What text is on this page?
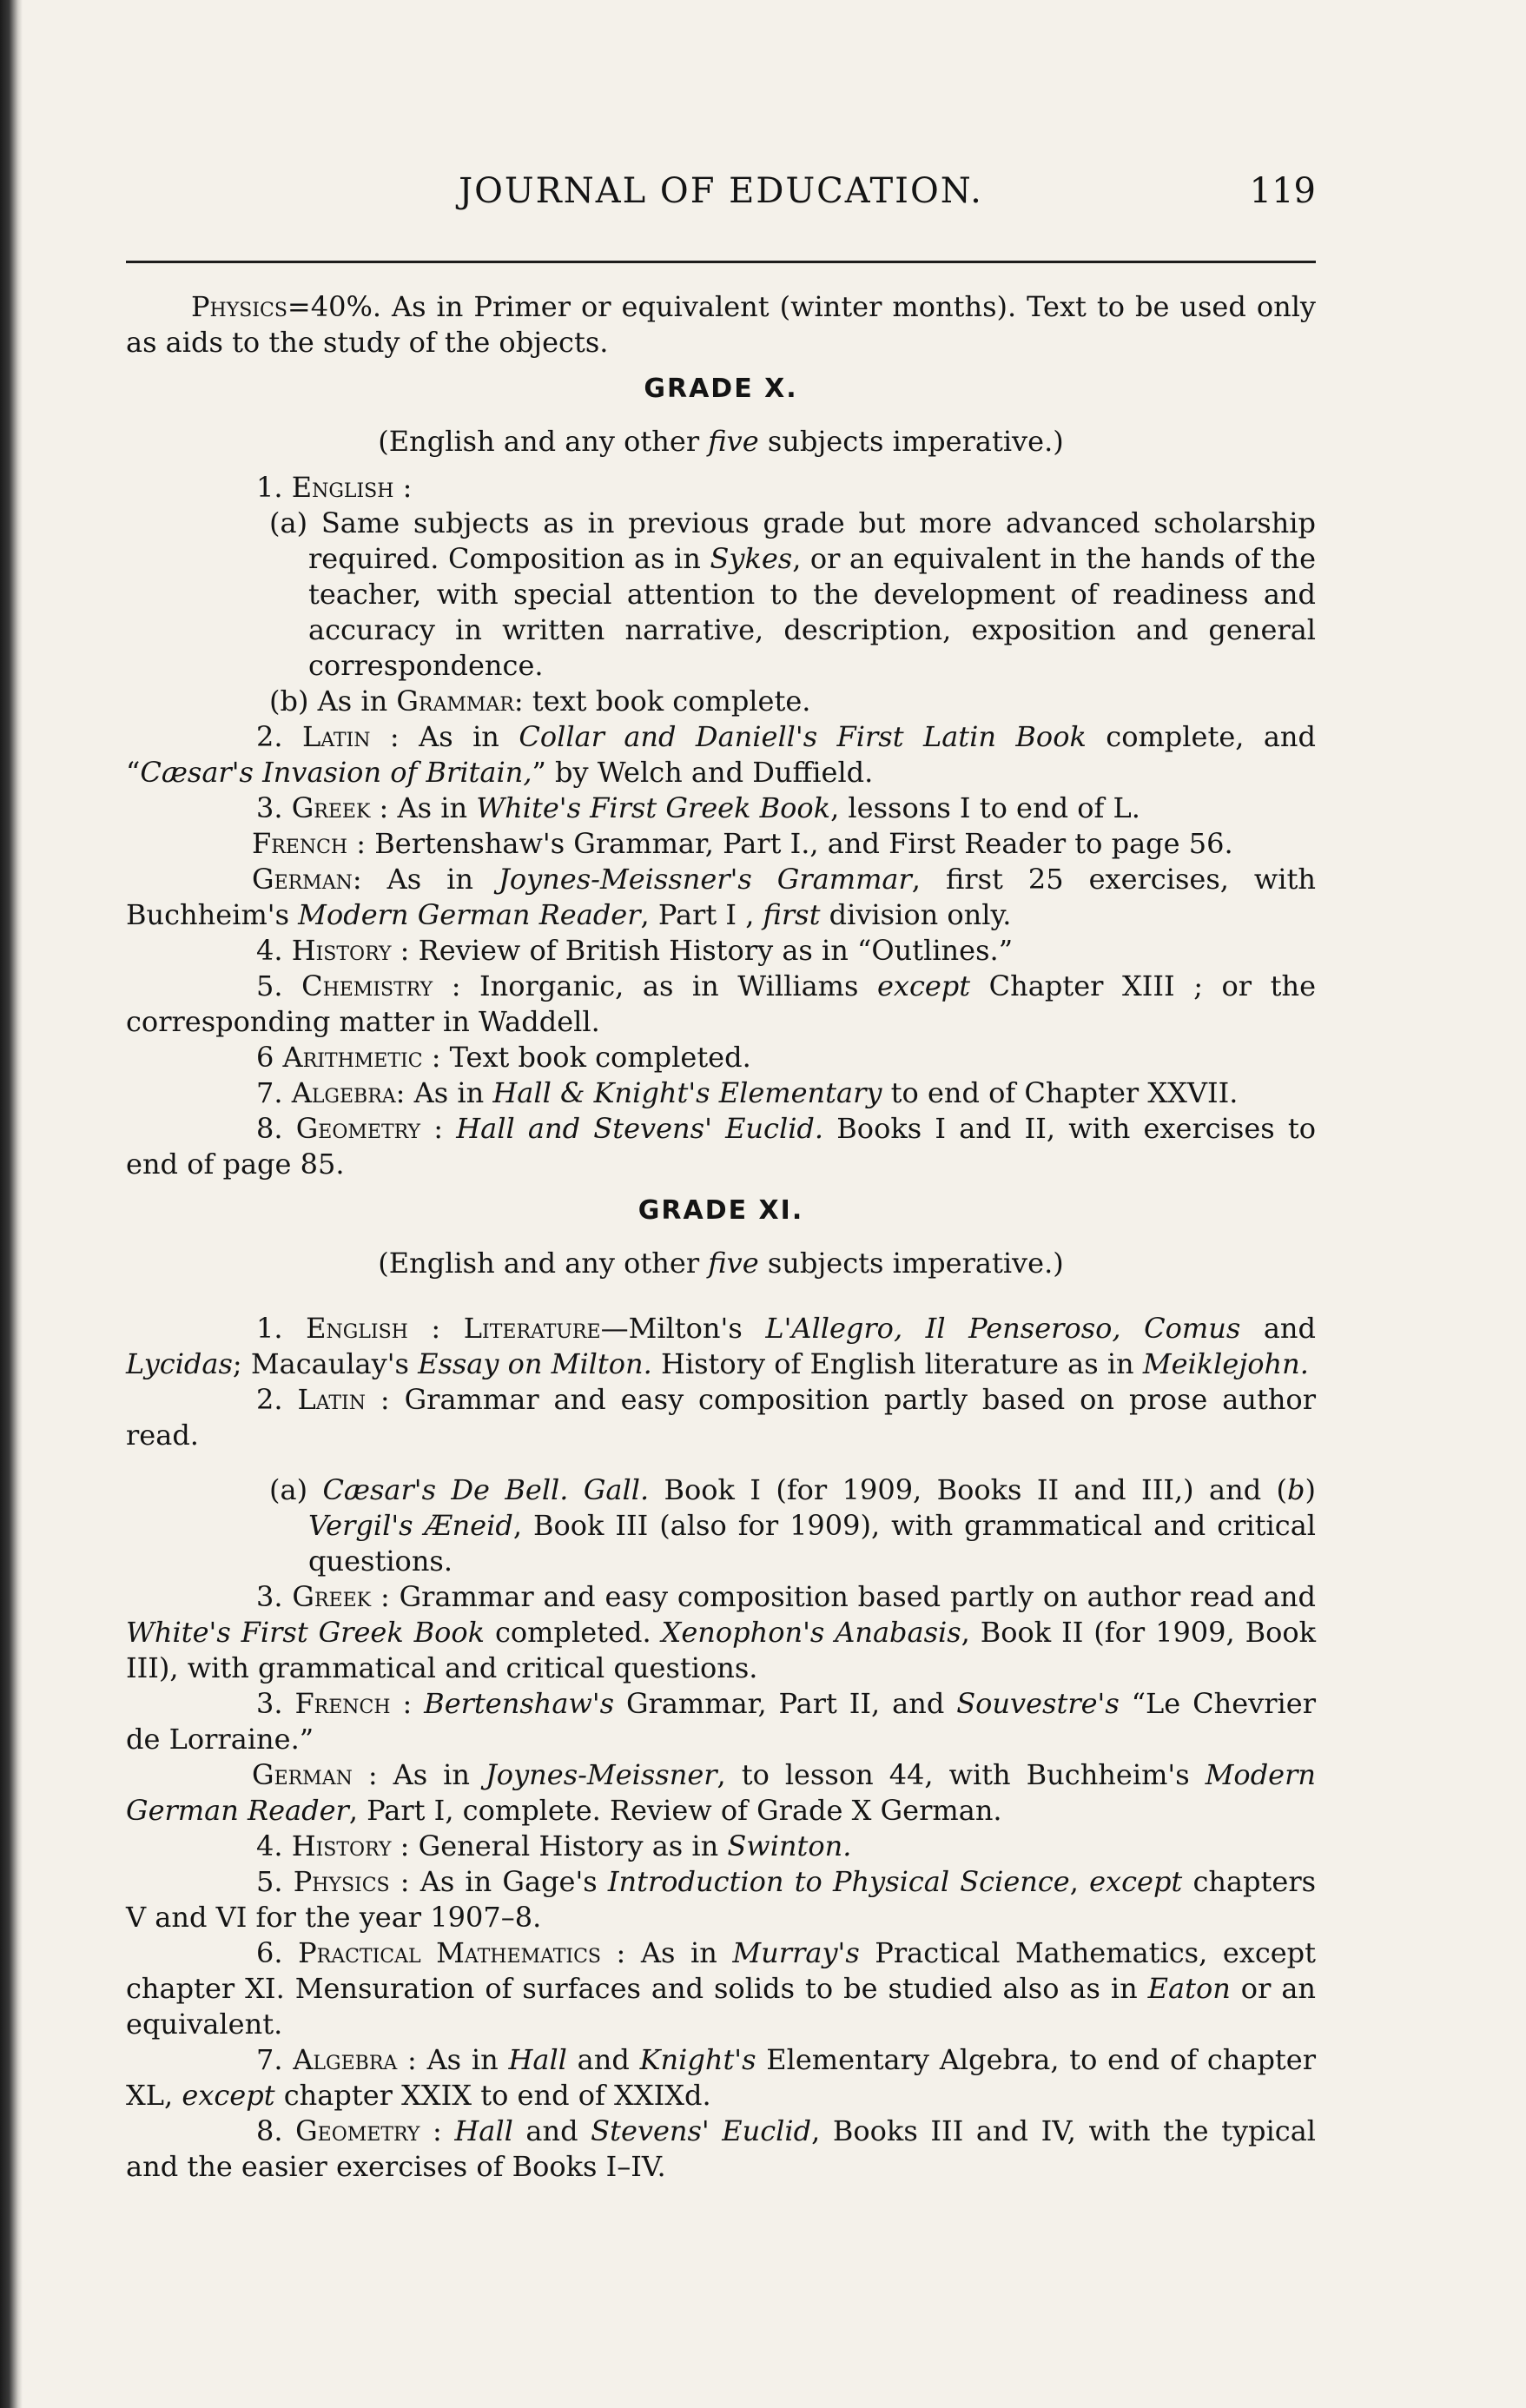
JOURNAL OF EDUCATION.	119

Physics=40%. As in Primer or equivalent (winter months). Text to be used only as aids to the study of the objects.

GRADE X.

(English and any other five subjects imperative.)

1. English :

(a) Same subjects as in previous grade but more advanced scholarship required. Composition as in Sykes, or an equivalent in the hands of the teacher, with special attention to the development of readiness and accuracy in written narrative, description, exposition and general correspondence.

(b) As in Grammar: text book complete.

2. Latin : As in Collar and Daniell's First Latin Book complete, and “Cæsar's Invasion of Britain,” by Welch and Duffield.

3. Greek : As in White's First Greek Book, lessons I to end of L.

French : Bertenshaw's Grammar, Part I., and First Reader to page 56.

German: As in Joynes-Meissner's Grammar, first 25 exercises, with Buchheim's Modern German Reader, Part I , first division only.

4. History : Review of British History as in “Outlines.”

5. Chemistry : Inorganic, as in Williams except Chapter XIII ; or the corresponding matter in Waddell.

6 Arithmetic : Text book completed.

7. Algebra: As in Hall & Knight's Elementary to end of Chapter XXVII.

8. Geometry : Hall and Stevens' Euclid. Books I and II, with exercises to end of page 85.

GRADE XI.

(English and any other five subjects imperative.)

1. English : Literature—Milton's L'Allegro, Il Penseroso, Comus and Lycidas; Macaulay's Essay on Milton. History of English literature as in Meiklejohn.

2. Latin : Grammar and easy composition partly based on prose author read.

(a) Cæsar's De Bell. Gall. Book I (for 1909, Books II and III,) and (b) Vergil's Æneid, Book III (also for 1909), with grammatical and critical questions.

3. Greek : Grammar and easy composition based partly on author read and White's First Greek Book completed. Xenophon's Anabasis, Book II (for 1909, Book III), with grammatical and critical questions.

3. French : Bertenshaw's Grammar, Part II, and Souvestre's “Le Chevrier de Lorraine.”

German : As in Joynes-Meissner, to lesson 44, with Buchheim's Modern German Reader, Part I, complete. Review of Grade X German.

4. History : General History as in Swinton.

5. Physics : As in Gage's Introduction to Physical Science, except chapters V and VI for the year 1907–8.

6. Practical Mathematics : As in Murray's Practical Mathematics, except chapter XI. Mensuration of surfaces and solids to be studied also as in Eaton or an equivalent.

7. Algebra : As in Hall and Knight's Elementary Algebra, to end of chapter XL, except chapter XXIX to end of XXIXd.

8. Geometry : Hall and Stevens' Euclid, Books III and IV, with the typical and the easier exercises of Books I–IV.
